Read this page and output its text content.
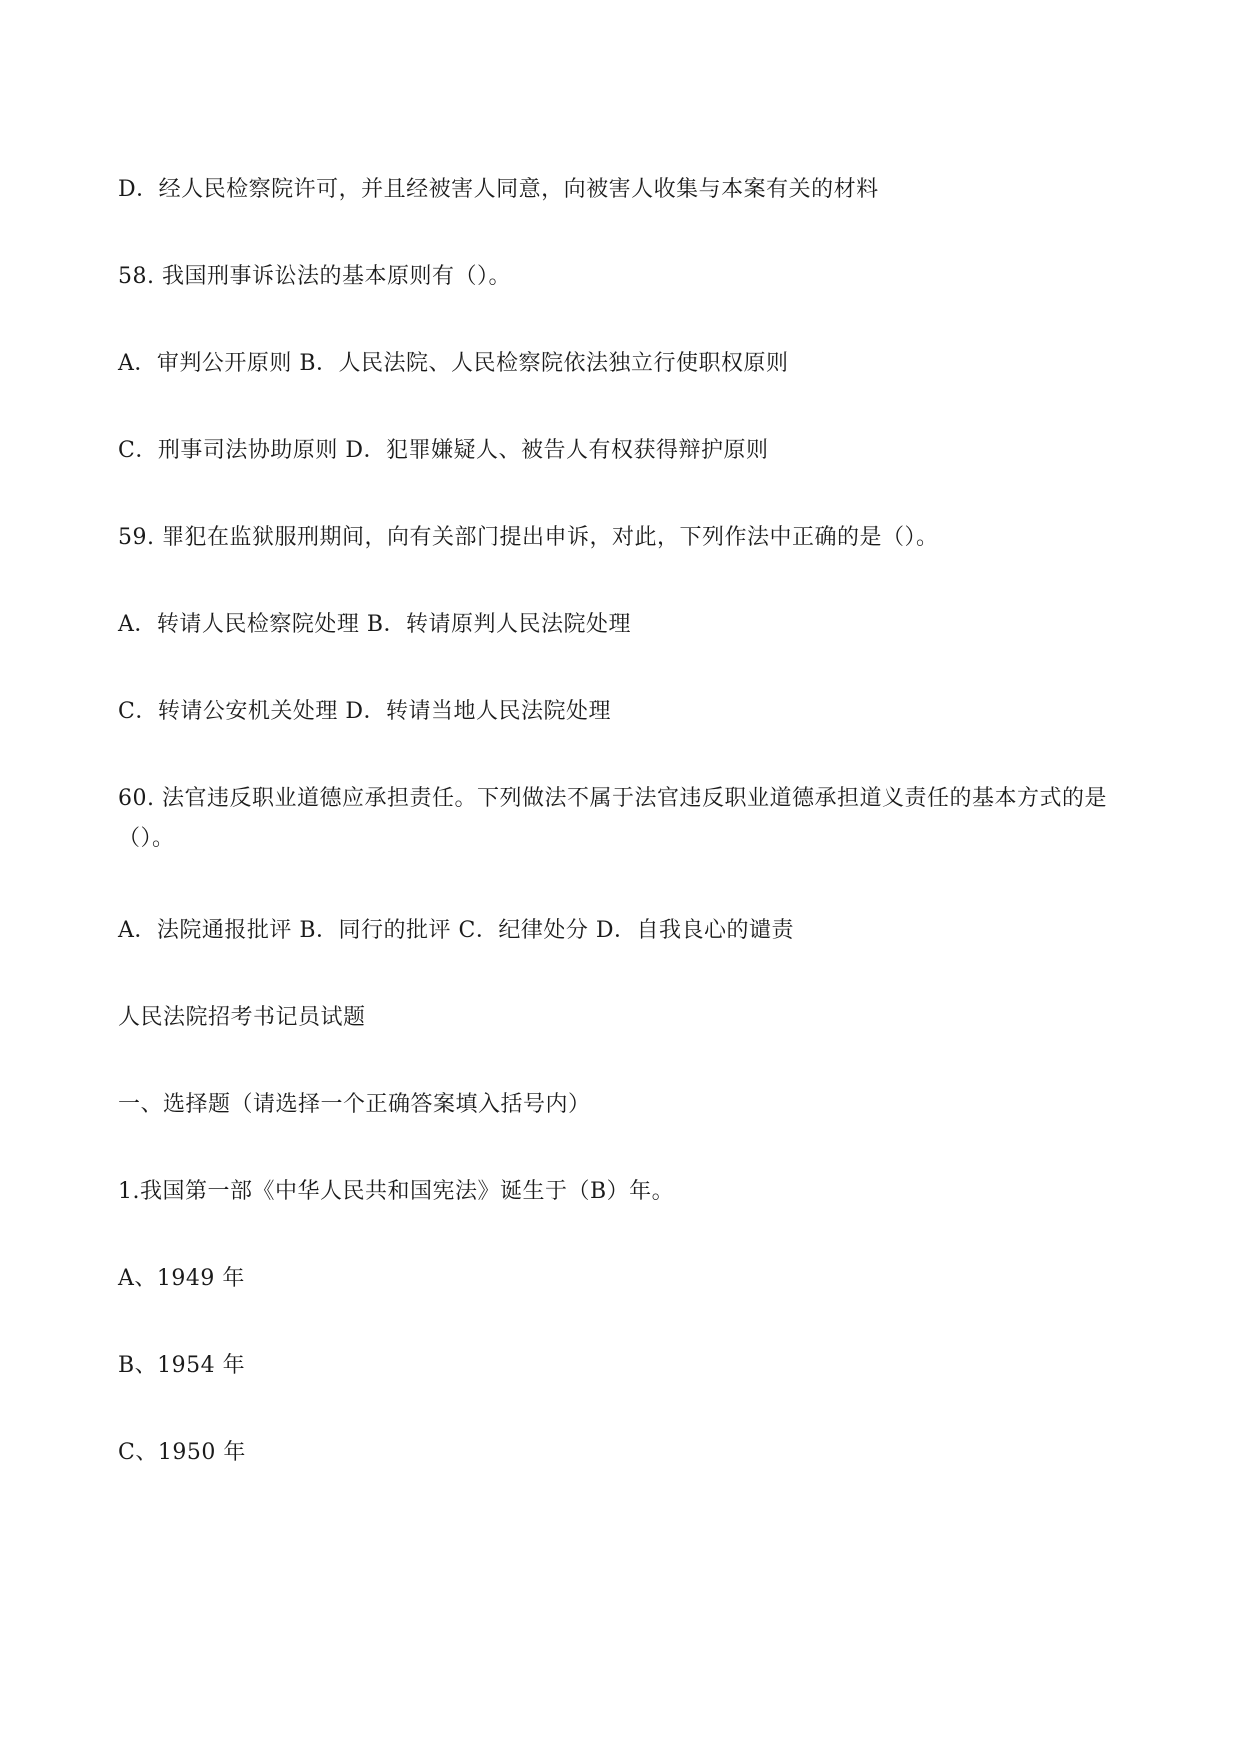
D．经人民检察院许可，并且经被害人同意，向被害人收集与本案有关的材料
58. 我国刑事诉讼法的基本原则有（）。
A．审判公开原则 B．人民法院、人民检察院依法独立行使职权原则
C．刑事司法协助原则 D．犯罪嫌疑人、被告人有权获得辩护原则
59. 罪犯在监狱服刑期间，向有关部门提出申诉，对此，下列作法中正确的是（）。
A．转请人民检察院处理 B．转请原判人民法院处理
C．转请公安机关处理 D．转请当地人民法院处理
60. 法官违反职业道德应承担责任。下列做法不属于法官违反职业道德承担道义责任的基本方式的是（）。
A．法院通报批评 B．同行的批评 C．纪律处分 D．自我良心的谴责
人民法院招考书记员试题
一、选择题（请选择一个正确答案填入括号内）
1.我国第一部《中华人民共和国宪法》诞生于（B）年。
A、1949 年
B、1954 年
C、1950 年
